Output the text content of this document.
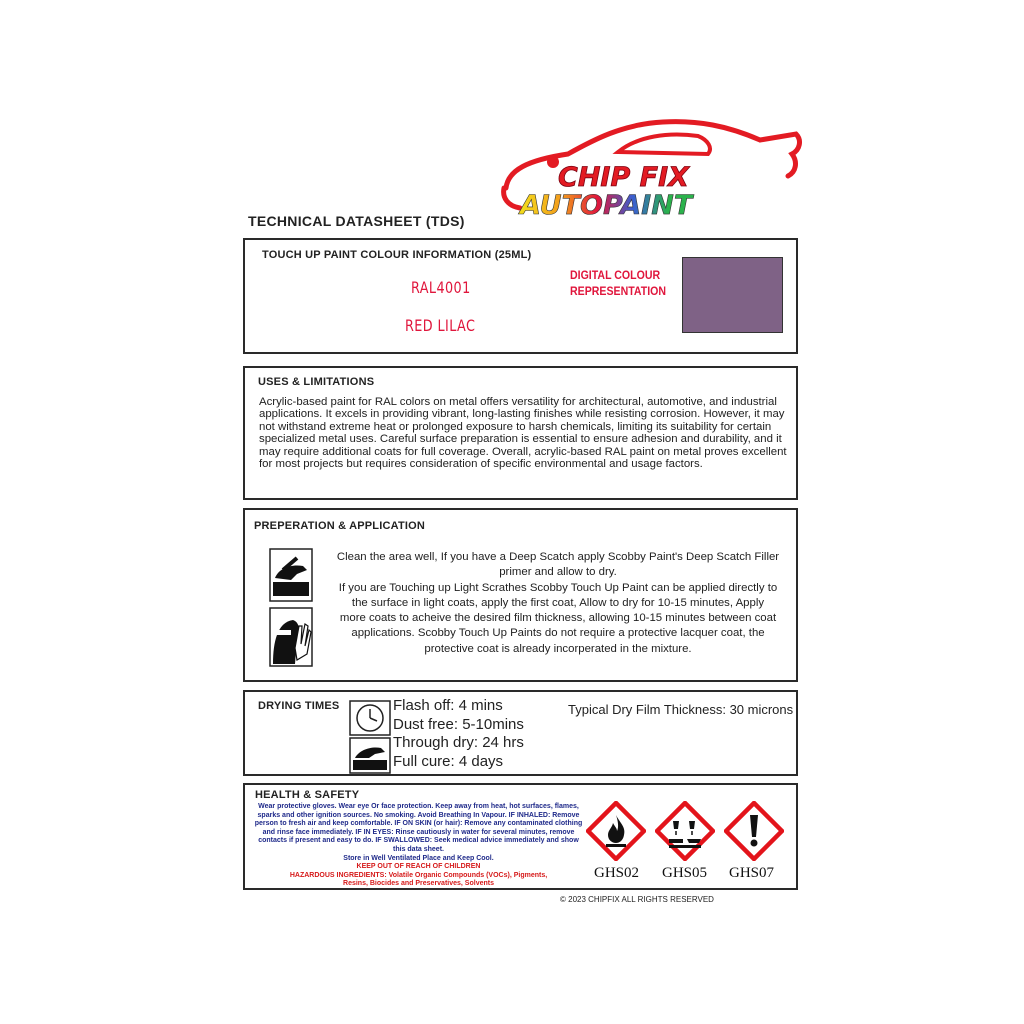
CHIP FIX
AUTOPAINT
TECHNICAL DATASHEET (TDS)
TOUCH UP PAINT COLOUR INFORMATION (25ML)
RAL4001
RED LILAC
DIGITAL COLOUR
REPRESENTATION
USES & LIMITATIONS
Acrylic-based paint for RAL colors on metal offers versatility for architectural, automotive, and industrial applications. It excels in providing vibrant, long-lasting finishes while resisting corrosion. However, it may not withstand extreme heat or prolonged exposure to harsh chemicals, limiting its suitability for certain specialized metal uses. Careful surface preparation is essential to ensure adhesion and durability, and it may require additional coats for full coverage. Overall, acrylic-based RAL paint on metal proves excellent for most projects but requires consideration of specific environmental and usage factors.
PREPERATION & APPLICATION
Clean the area well, If you have a Deep Scatch apply Scobby Paint's Deep Scatch Filler
primer and allow to dry.
If you are Touching up Light Scrathes Scobby Touch Up Paint can be applied directly to
the surface in light coats, apply the first coat, Allow to dry for 10-15 minutes, Apply
more coats to acheive the desired film thickness, allowing 10-15 minutes between coat
applications. Scobby Touch Up Paints do not require a protective lacquer coat, the
protective coat is already incorperated in the mixture.
DRYING TIMES	Flash off: 4 mins
Dust free: 5-10mins
Through dry: 24 hrs
Full cure: 4 days
Typical Dry Film Thickness: 30 microns
HEALTH & SAFETY
Wear protective gloves. Wear eye Or face protection. Keep away from heat, hot surfaces, flames,
sparks and other ignition sources. No smoking. Avoid Breathing In Vapour. IF INHALED: Remove
person to fresh air and keep comfortable. IF ON SKIN (or hair): Remove any contaminated clothing
and rinse face immediately. IF IN EYES: Rinse cautiously in water for several minutes, remove
contacts if present and easy to do. IF SWALLOWED: Seek medical advice immediately and show
this data sheet.
Store in Well Ventilated Place and Keep Cool.
KEEP OUT OF REACH OF CHILDREN
HAZARDOUS INGREDIENTS: Volatile Organic Compounds (VOCs), Pigments,
Resins, Biocides and Preservatives, Solvents
GHS02 GHS05 GHS07
© 2023 CHIPFIX ALL RIGHTS RESERVED
